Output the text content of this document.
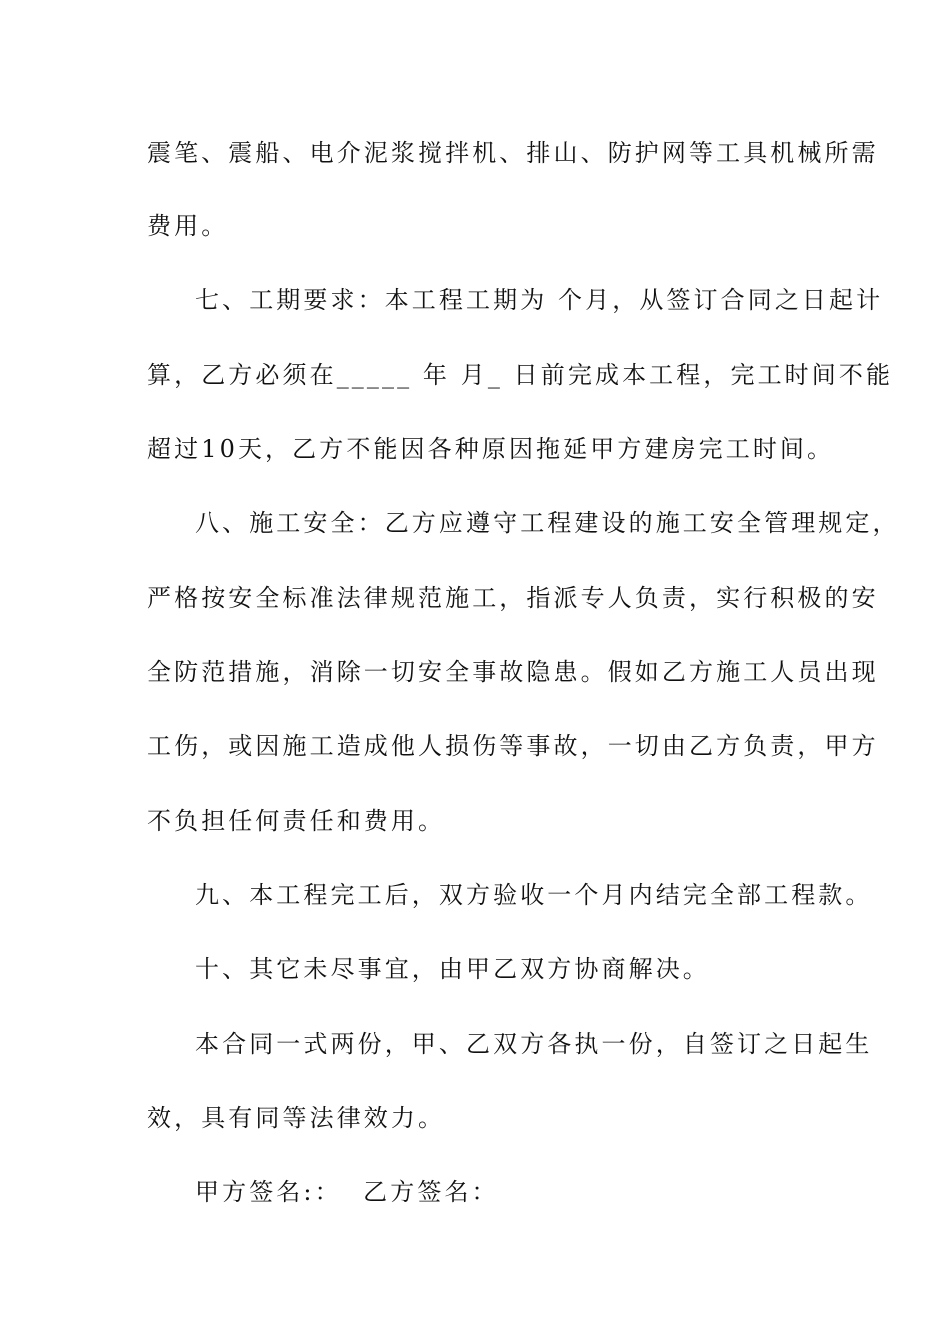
震笔、震船、电介泥浆搅拌机、排山、防护网等工具机械所需
费用。
七、工期要求：本工程工期为 个月，从签订合同之日起计
算，乙方必须在_____ 年 月_ 日前完成本工程，完工时间不能
超过10天，乙方不能因各种原因拖延甲方建房完工时间。
八、施工安全：乙方应遵守工程建设的施工安全管理规定，
严格按安全标准法律规范施工，指派专人负责，实行积极的安
全防范措施，消除一切安全事故隐患。假如乙方施工人员出现
工伤，或因施工造成他人损伤等事故，一切由乙方负责，甲方
不负担任何责任和费用。
九、本工程完工后，双方验收一个月内结完全部工程款。
十、其它未尽事宜，由甲乙双方协商解决。
本合同一式两份，甲、乙双方各执一份，自签订之日起生
效，具有同等法律效力。
甲方签名:：  乙方签名：
